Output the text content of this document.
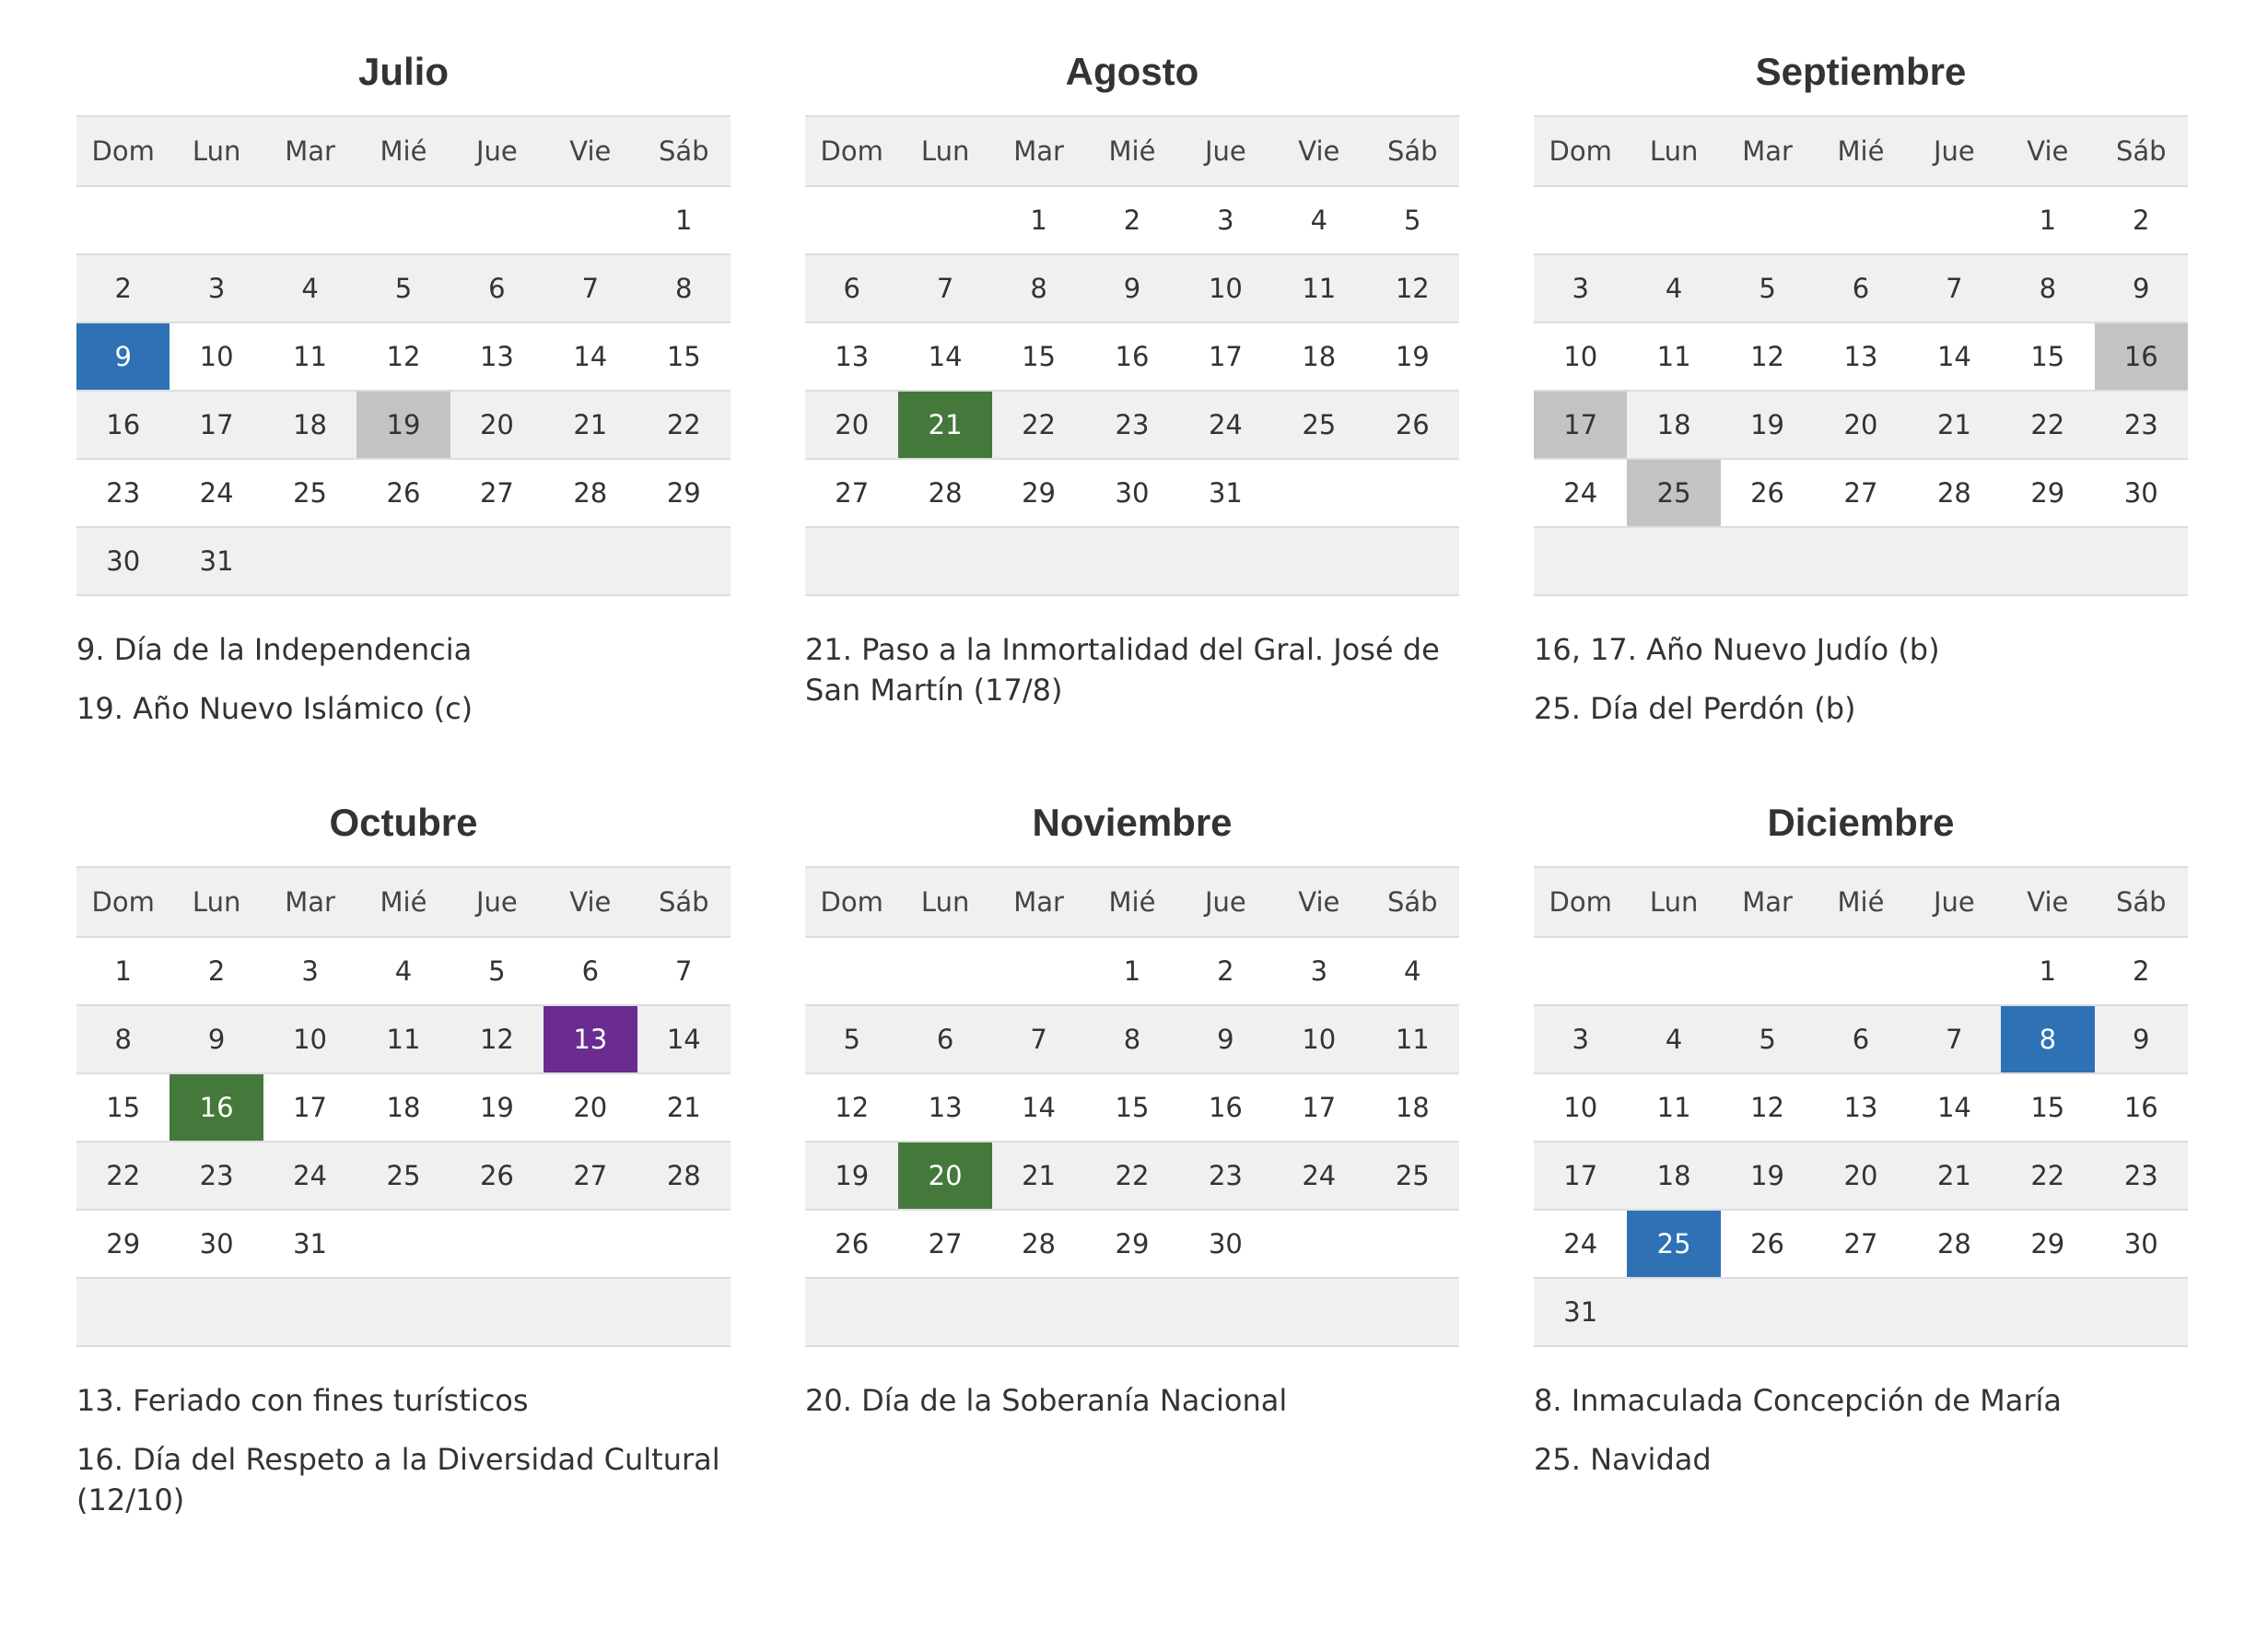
Julio
Dom	Lun	Mar	Mié	Jue	Vie	Sáb
						1
2	3	4	5	6	7	8
9	10	11	12	13	14	15
16	17	18	19	20	21	22
23	24	25	26	27	28	29
30	31					
9. Día de la Independencia
19. Año Nuevo Islámico (c)
Agosto
Dom	Lun	Mar	Mié	Jue	Vie	Sáb
		1	2	3	4	5
6	7	8	9	10	11	12
13	14	15	16	17	18	19
20	21	22	23	24	25	26
27	28	29	30	31		

21. Paso a la Inmortalidad del Gral. José de San Martín (17/8)
Septiembre
Dom	Lun	Mar	Mié	Jue	Vie	Sáb
					1	2
3	4	5	6	7	8	9
10	11	12	13	14	15	16
17	18	19	20	21	22	23
24	25	26	27	28	29	30

16, 17. Año Nuevo Judío (b)
25. Día del Perdón (b)
Octubre
Dom	Lun	Mar	Mié	Jue	Vie	Sáb
1	2	3	4	5	6	7
8	9	10	11	12	13	14
15	16	17	18	19	20	21
22	23	24	25	26	27	28
29	30	31				

13. Feriado con fines turísticos
16. Día del Respeto a la Diversidad Cultural (12/10)
Noviembre
Dom	Lun	Mar	Mié	Jue	Vie	Sáb
			1	2	3	4
5	6	7	8	9	10	11
12	13	14	15	16	17	18
19	20	21	22	23	24	25
26	27	28	29	30		

20. Día de la Soberanía Nacional
Diciembre
Dom	Lun	Mar	Mié	Jue	Vie	Sáb
					1	2
3	4	5	6	7	8	9
10	11	12	13	14	15	16
17	18	19	20	21	22	23
24	25	26	27	28	29	30
31						
8. Inmaculada Concepción de María
25. Navidad
